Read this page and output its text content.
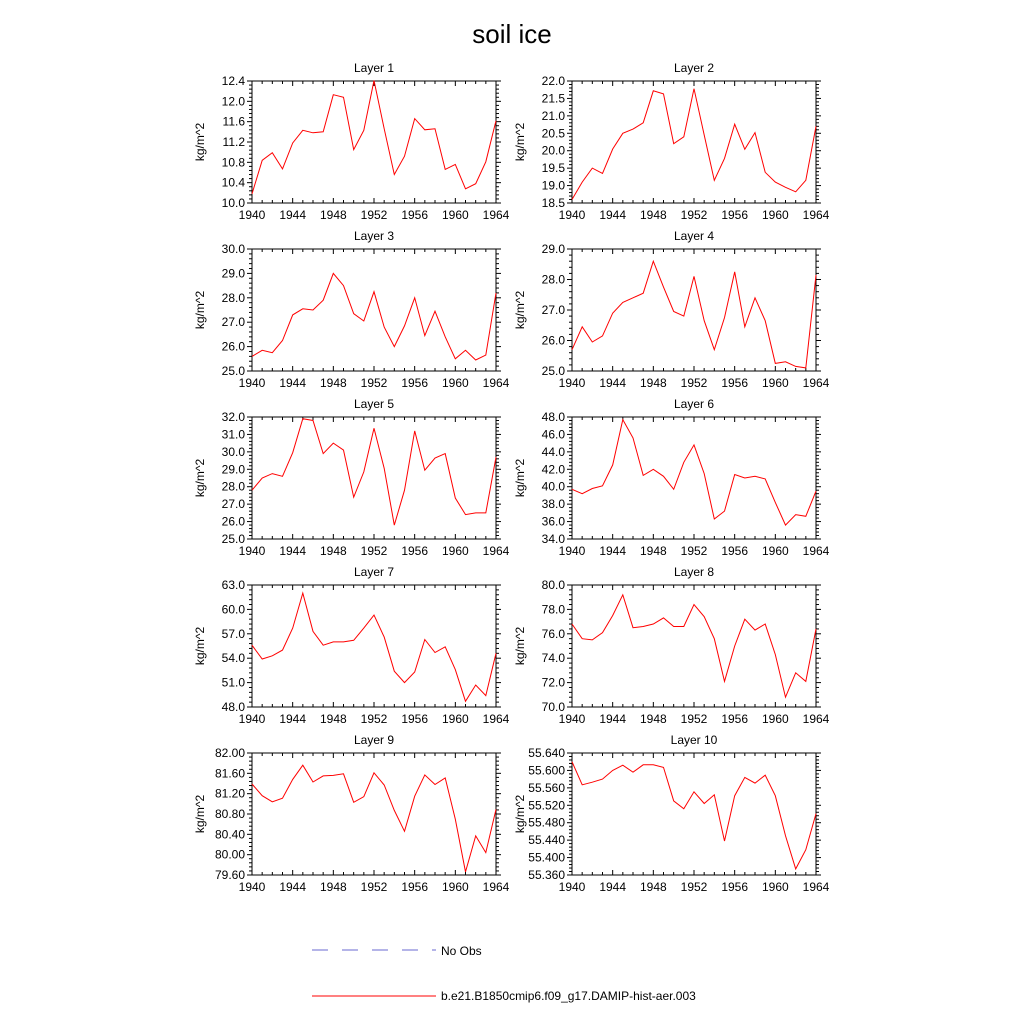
soil ice
Layer 1
kg/m^2
1940 1944 1948 1952 1956 1960 1964
10.0
10.4
10.8
11.2
11.6
12.0
12.4
Layer 2
kg/m^2
1940 1944 1948 1952 1956 1960 1964
18.5
19.0
19.5
20.0
20.5
21.0
21.5
22.0
Layer 3
kg/m^2
1940 1944 1948 1952 1956 1960 1964
25.0
26.0
27.0
28.0
29.0
30.0
Layer 4
kg/m^2
1940 1944 1948 1952 1956 1960 1964
25.0
26.0
27.0
28.0
29.0
Layer 5
kg/m^2
1940 1944 1948 1952 1956 1960 1964
25.0
26.0
27.0
28.0
29.0
30.0
31.0
32.0
Layer 6
kg/m^2
1940 1944 1948 1952 1956 1960 1964
34.0
36.0
38.0
40.0
42.0
44.0
46.0
48.0
Layer 7
kg/m^2
1940 1944 1948 1952 1956 1960 1964
48.0
51.0
54.0
57.0
60.0
63.0
Layer 8
kg/m^2
1940 1944 1948 1952 1956 1960 1964
70.0
72.0
74.0
76.0
78.0
80.0
Layer 9
kg/m^2
1940 1944 1948 1952 1956 1960 1964
79.60
80.00
80.40
80.80
81.20
81.60
82.00
Layer 10
kg/m^2
1940 1944 1948 1952 1956 1960 1964
55.360
55.400
55.440
55.480
55.520
55.560
55.600
55.640
No Obs
b.e21.B1850cmip6.f09_g17.DAMIP-hist-aer.003
